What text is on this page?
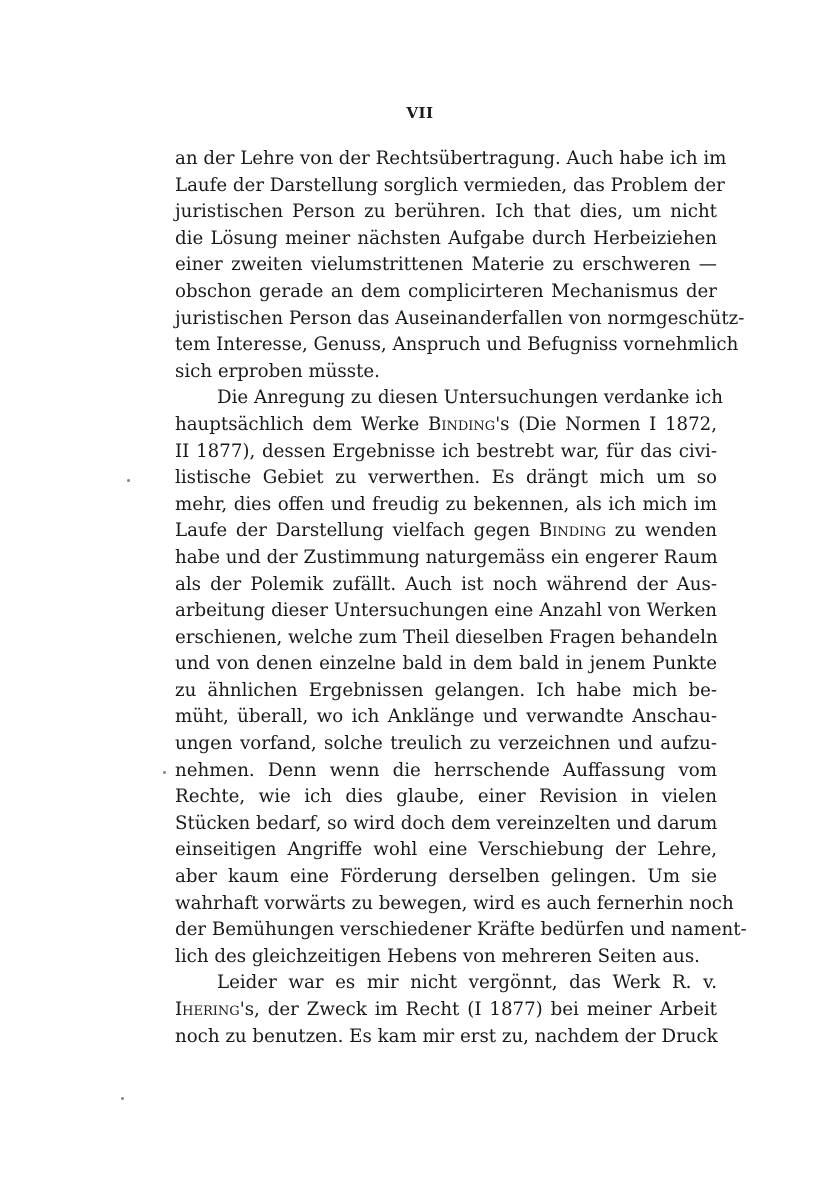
VII
an der Lehre von der Rechtsübertragung. Auch habe ich im
Laufe der Darstellung sorglich vermieden, das Problem der
juristischen Person zu berühren. Ich that dies, um nicht
die Lösung meiner nächsten Aufgabe durch Herbeiziehen
einer zweiten vielumstrittenen Materie zu erschweren —
obschon gerade an dem complicirteren Mechanismus der
juristischen Person das Auseinanderfallen von normgeschütz-
tem Interesse, Genuss, Anspruch und Befugniss vornehmlich
sich erproben müsste.
Die Anregung zu diesen Untersuchungen verdanke ich
hauptsächlich dem Werke Binding's (Die Normen I 1872,
II 1877), dessen Ergebnisse ich bestrebt war, für das civi-
listische Gebiet zu verwerthen. Es drängt mich um so
mehr, dies offen und freudig zu bekennen, als ich mich im
Laufe der Darstellung vielfach gegen Binding zu wenden
habe und der Zustimmung naturgemäss ein engerer Raum
als der Polemik zufällt. Auch ist noch während der Aus-
arbeitung dieser Untersuchungen eine Anzahl von Werken
erschienen, welche zum Theil dieselben Fragen behandeln
und von denen einzelne bald in dem bald in jenem Punkte
zu ähnlichen Ergebnissen gelangen. Ich habe mich be-
müht, überall, wo ich Anklänge und verwandte Anschau-
ungen vorfand, solche treulich zu verzeichnen und aufzu-
nehmen. Denn wenn die herrschende Auffassung vom
Rechte, wie ich dies glaube, einer Revision in vielen
Stücken bedarf, so wird doch dem vereinzelten und darum
einseitigen Angriffe wohl eine Verschiebung der Lehre,
aber kaum eine Förderung derselben gelingen. Um sie
wahrhaft vorwärts zu bewegen, wird es auch fernerhin noch
der Bemühungen verschiedener Kräfte bedürfen und nament-
lich des gleichzeitigen Hebens von mehreren Seiten aus.
Leider war es mir nicht vergönnt, das Werk R. v.
Ihering's, der Zweck im Recht (I 1877) bei meiner Arbeit
noch zu benutzen. Es kam mir erst zu, nachdem der Druck
